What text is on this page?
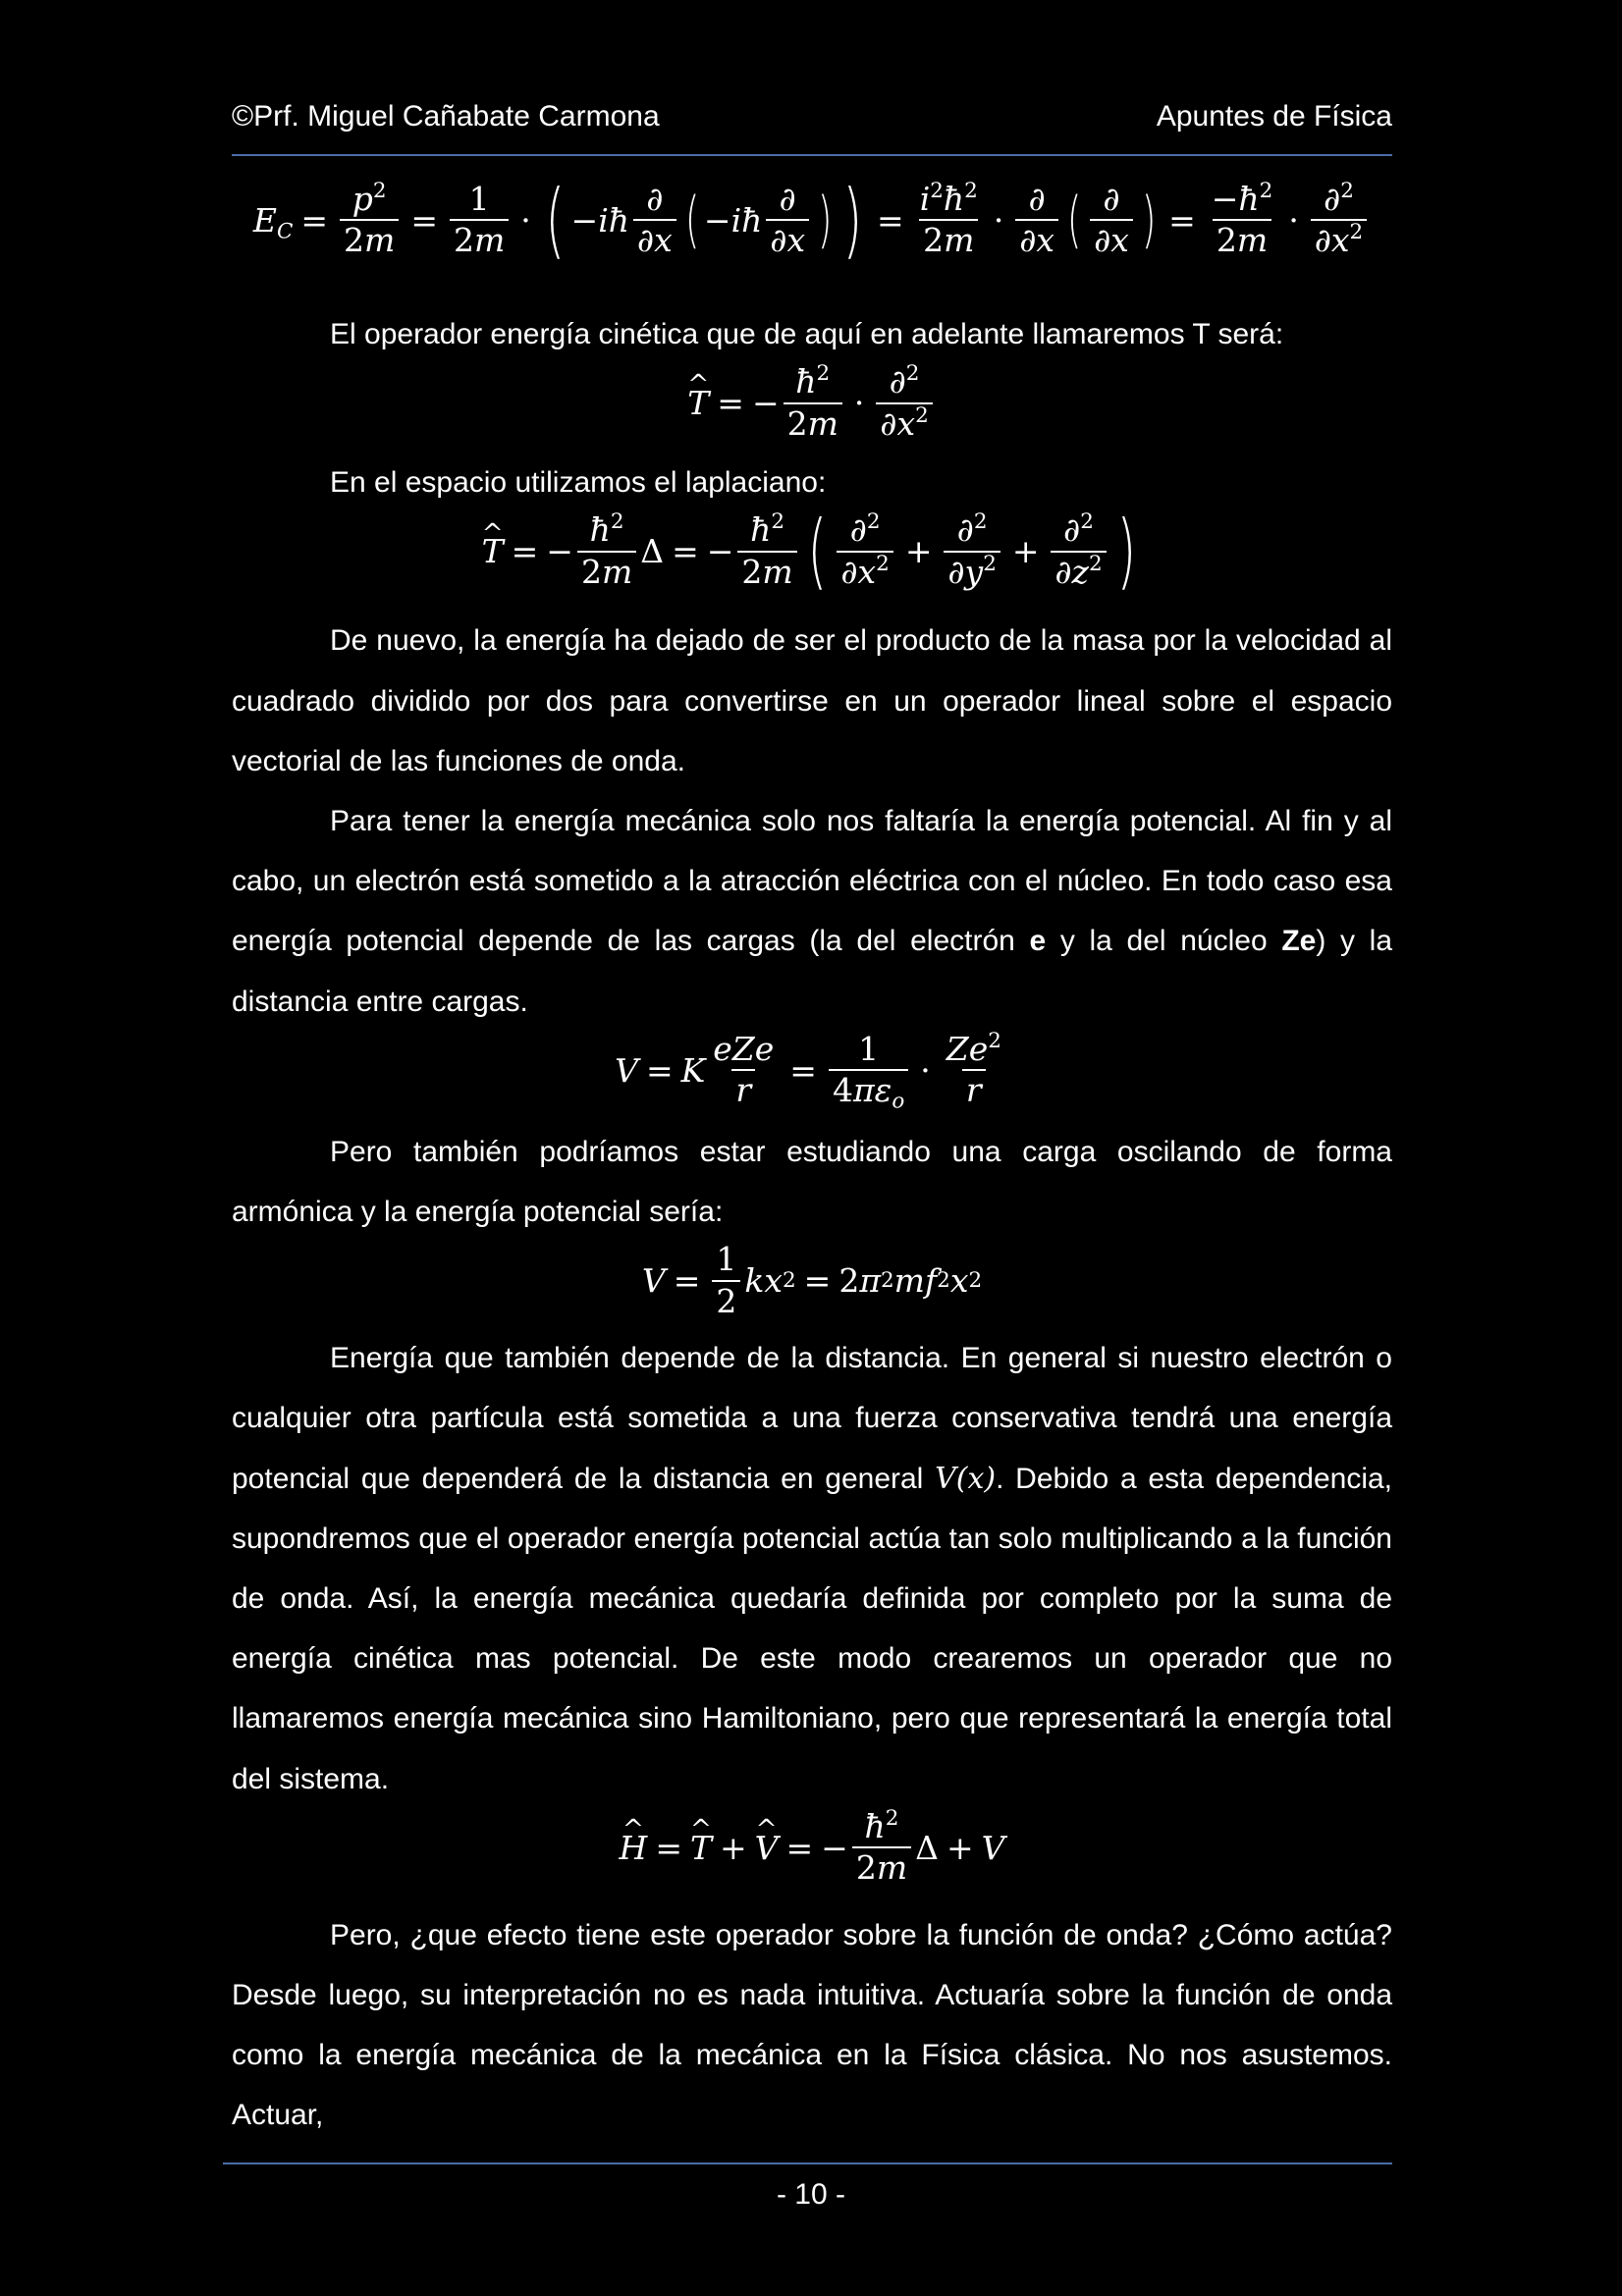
©Prf. Miguel Cañabate Carmona	Apuntes de Física
$E_C = \frac{p^2}{2m} = \frac{1}{2m}$ · ( − iħ $\frac{\partial}{\partial x}$ ( − iħ $\frac{\partial}{\partial x}$ ) ) = $\frac{i^2ħ^2}{2m} \cdot \frac{\partial}{\partial x}$ ( $\frac{\partial}{\partial x}$ ) = $\frac{-ħ^2}{2m} \cdot \frac{\partial^2}{\partial x^2}$

El operador energía cinética que de aquí en adelante llamaremos T será:

^ T = − $\frac{ħ^2}{2m} \cdot \frac{\partial^2}{\partial x^2}$

En el espacio utilizamos el laplaciano:

^ T = − $\frac{ħ^2}{2m}$ Δ = − $\frac{ħ^2}{2m}$ ( $\frac{\partial^2}{\partial x^2} + \frac{\partial^2}{\partial y^2} + \frac{\partial^2}{\partial z^2}$ )

De nuevo, la energía ha dejado de ser el producto de la masa por la velocidad al cuadrado dividido por dos para convertirse en un operador lineal sobre el espacio vectorial de las funciones de onda.

Para tener la energía mecánica solo nos faltaría la energía potencial. Al fin y al cabo, un electrón está sometido a la atracción eléctrica con el núcleo. En todo caso esa energía potencial depende de las cargas (la del electrón e y la del núcleo Ze) y la distancia entre cargas.

V = K $\frac{\text{eZe}}{r} = \frac{1}{4\pi\varepsilon_o} \cdot \frac{Ze^2}{r}$

Pero también podríamos estar estudiando una carga oscilando de forma armónica y la energía potencial sería:

$V = \frac{1}{2}$ kx 2 = 2 π 2 mf 2 x 2

Energía que también depende de la distancia. En general si nuestro electrón o cualquier otra partícula está sometida a una fuerza conservativa tendrá una energía potencial que dependerá de la distancia en general V(x). Debido a esta dependencia, supondremos que el operador energía potencial actúa tan solo multiplicando a la función de onda. Así, la energía mecánica quedaría definida por completo por la suma de energía cinética mas potencial. De este modo crearemos un operador que no llamaremos energía mecánica sino Hamiltoniano, pero que representará la energía total del sistema.

^ H = ^ T + ^ V = − $\frac{ħ^2}{2m}$ Δ + V

Pero, ¿que efecto tiene este operador sobre la función de onda? ¿Cómo actúa? Desde luego, su interpretación no es nada intuitiva. Actuaría sobre la función de onda como la energía mecánica de la mecánica en la Física clásica. No nos asustemos. Actuar,

- 10 -
